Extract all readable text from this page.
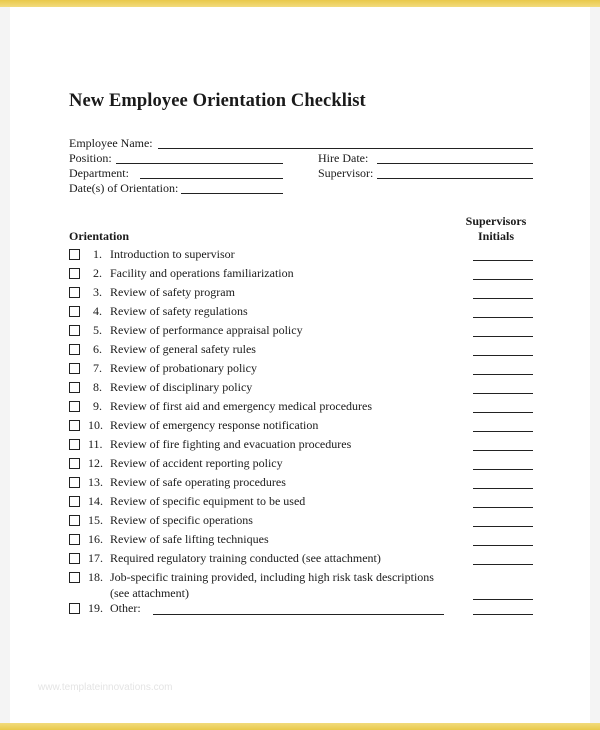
New Employee Orientation Checklist
Employee Name:
Position:	Hire Date:
Department:	Supervisor:
Date(s) of Orientation:
Supervisors
Initials
Orientation
1. Introduction to supervisor
2. Facility and operations familiarization
3. Review of safety program
4. Review of safety regulations
5. Review of performance appraisal policy
6. Review of general safety rules
7. Review of probationary policy
8. Review of disciplinary policy
9. Review of first aid and emergency medical procedures
10. Review of emergency response notification
11. Review of fire fighting and evacuation procedures
12. Review of accident reporting policy
13. Review of safe operating procedures
14. Review of specific equipment to be used
15. Review of specific operations
16. Review of safe lifting techniques
17. Required regulatory training conducted (see attachment)
18. Job-specific training provided, including high risk task descriptions
(see attachment)
19. Other:
www.templateinnovations.com
